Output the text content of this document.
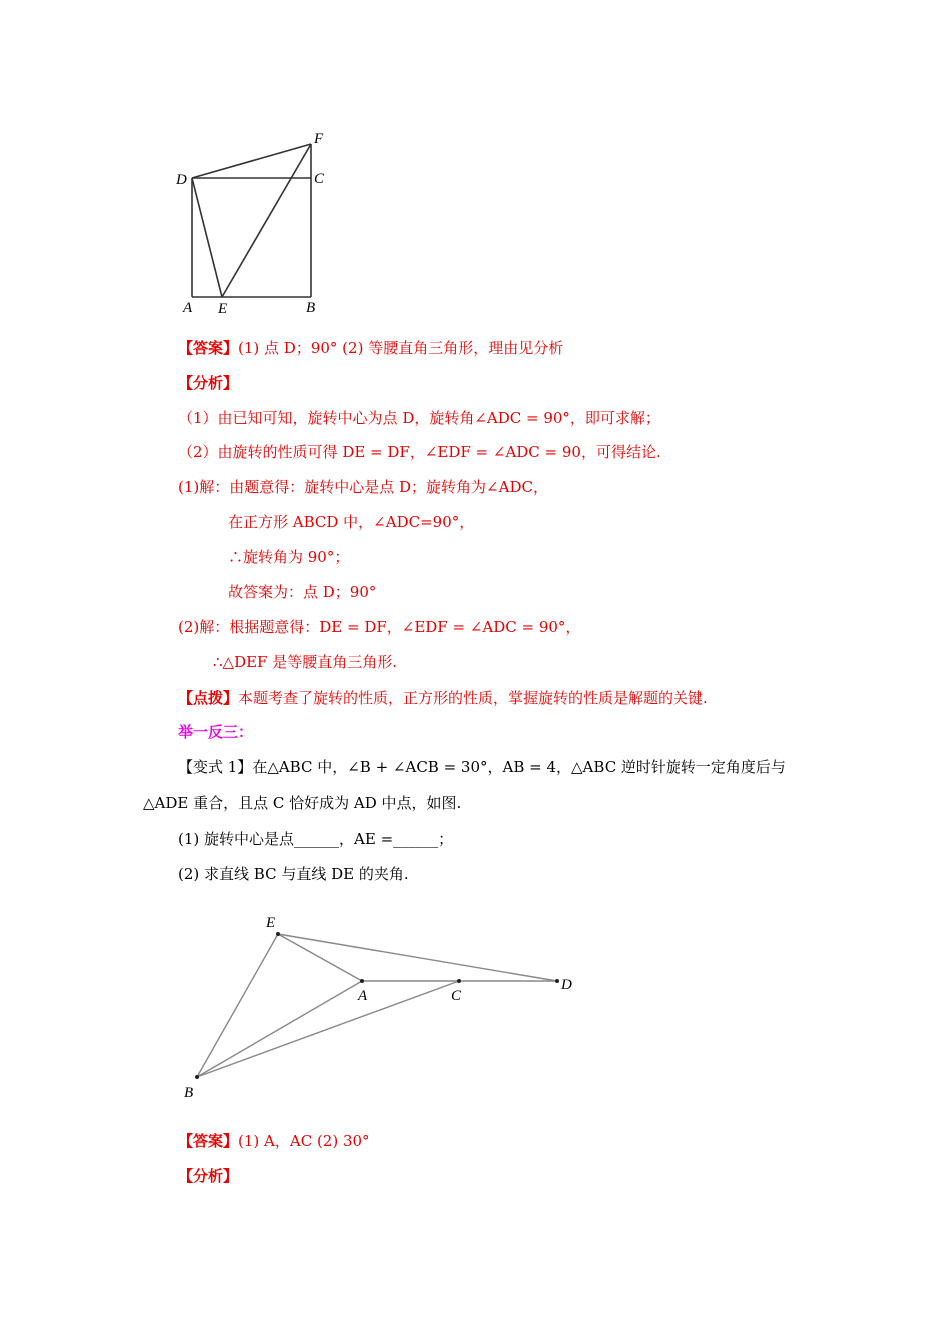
F
D	C
A E	B
【答案】(1) 点 D；90° (2) 等腰直角三角形，理由见分析
【分析】
（1）由已知可知，旋转中心为点 D，旋转角∠ADC = 90°，即可求解；
（2）由旋转的性质可得 DE = DF，∠EDF = ∠ADC = 90，可得结论.
(1)解：由题意得：旋转中心是点 D；旋转角为∠ADC，
在正方形 ABCD 中，∠ADC=90°，
∴旋转角为 90°；
故答案为：点 D；90°
(2)解：根据题意得：DE = DF，∠EDF = ∠ADC = 90°，
∴△DEF 是等腰直角三角形.
【点拨】本题考查了旋转的性质，正方形的性质，掌握旋转的性质是解题的关键.
举一反三：
【变式 1】在△ABC 中，∠B + ∠ACB = 30°，AB = 4，△ABC 逆时针旋转一定角度后与
△ADE 重合，且点 C 恰好成为 AD 中点，如图.
(1) 旋转中心是点______，AE =______；
(2) 求直线 BC 与直线 DE 的夹角.
E
A	C
D
B
【答案】(1) A，AC (2) 30°
【分析】
